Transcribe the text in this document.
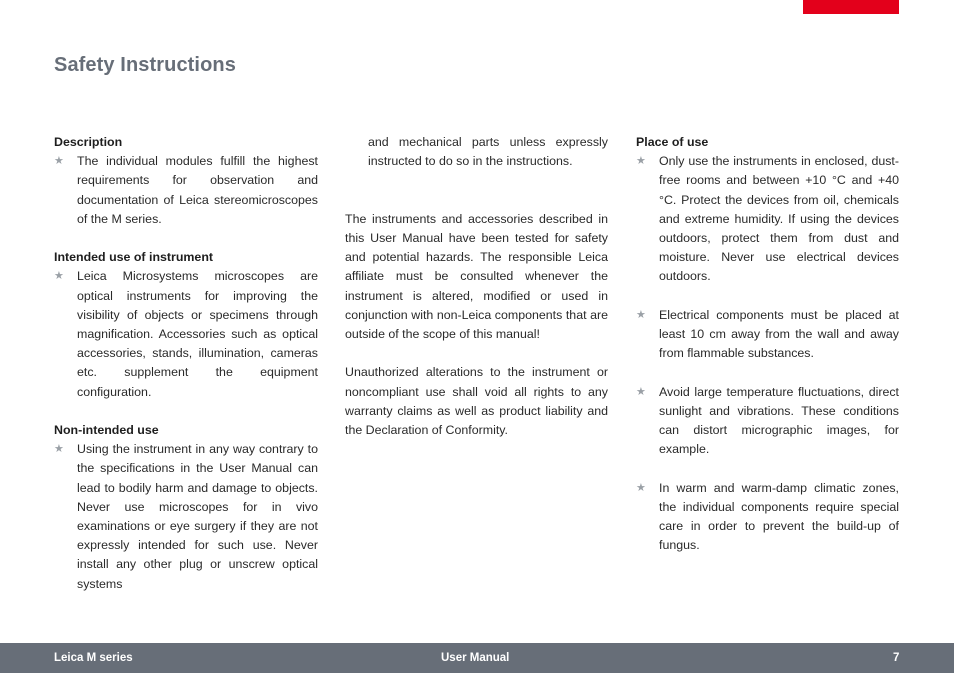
Safety Instructions

Description

★	The individual modules fulfill the highest requirements for observation and documentation of Leica stereomicroscopes of the M series.

Intended use of instrument

★	Leica Microsystems microscopes are optical instruments for improving the visibility of objects or specimens through magnification. Accessories such as optical accessories, stands, illumination, cameras etc. supplement the equipment configuration.

Non-intended use

★	Using the instrument in any way contrary to the specifications in the User Manual can lead to bodily harm and damage to objects. Never use microscopes for in vivo examinations or eye surgery if they are not expressly intended for such use. Never install any other plug or unscrew optical systems

and mechanical parts unless expressly instructed to do so in the instructions.

The instruments and accessories described in this User Manual have been tested for safety and potential hazards. The responsible Leica affiliate must be consulted whenever the instrument is altered, modified or used in conjunction with non-Leica components that are outside of the scope of this manual!

Unauthorized alterations to the instrument or noncompliant use shall void all rights to any warranty claims as well as product liability and the Declaration of Conformity.

Place of use

★	Only use the instruments in enclosed, dust-free rooms and between +10 °C and +40 °C. Protect the devices from oil, chemicals and extreme humidity. If using the devices outdoors, protect them from dust and moisture. Never use electrical devices outdoors.
★	Electrical components must be placed at least 10 cm away from the wall and away from flammable substances.
★	Avoid large temperature fluctuations, direct sunlight and vibrations. These conditions can distort micrographic images, for example.
★	In warm and warm-damp climatic zones, the individual components require special care in order to prevent the build-up of fungus.
Leica M series	User Manual	7
